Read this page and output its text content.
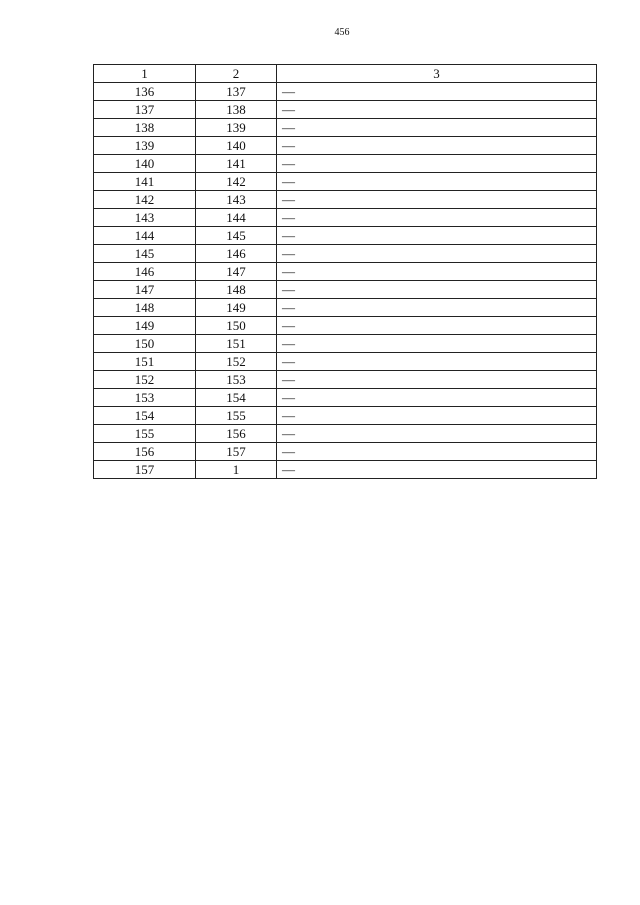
456
1	2	3
136	137	—
137	138	—
138	139	—
139	140	—
140	141	—
141	142	—
142	143	—
143	144	—
144	145	—
145	146	—
146	147	—
147	148	—
148	149	—
149	150	—
150	151	—
151	152	—
152	153	—
153	154	—
154	155	—
155	156	—
156	157	—
157	1	—
